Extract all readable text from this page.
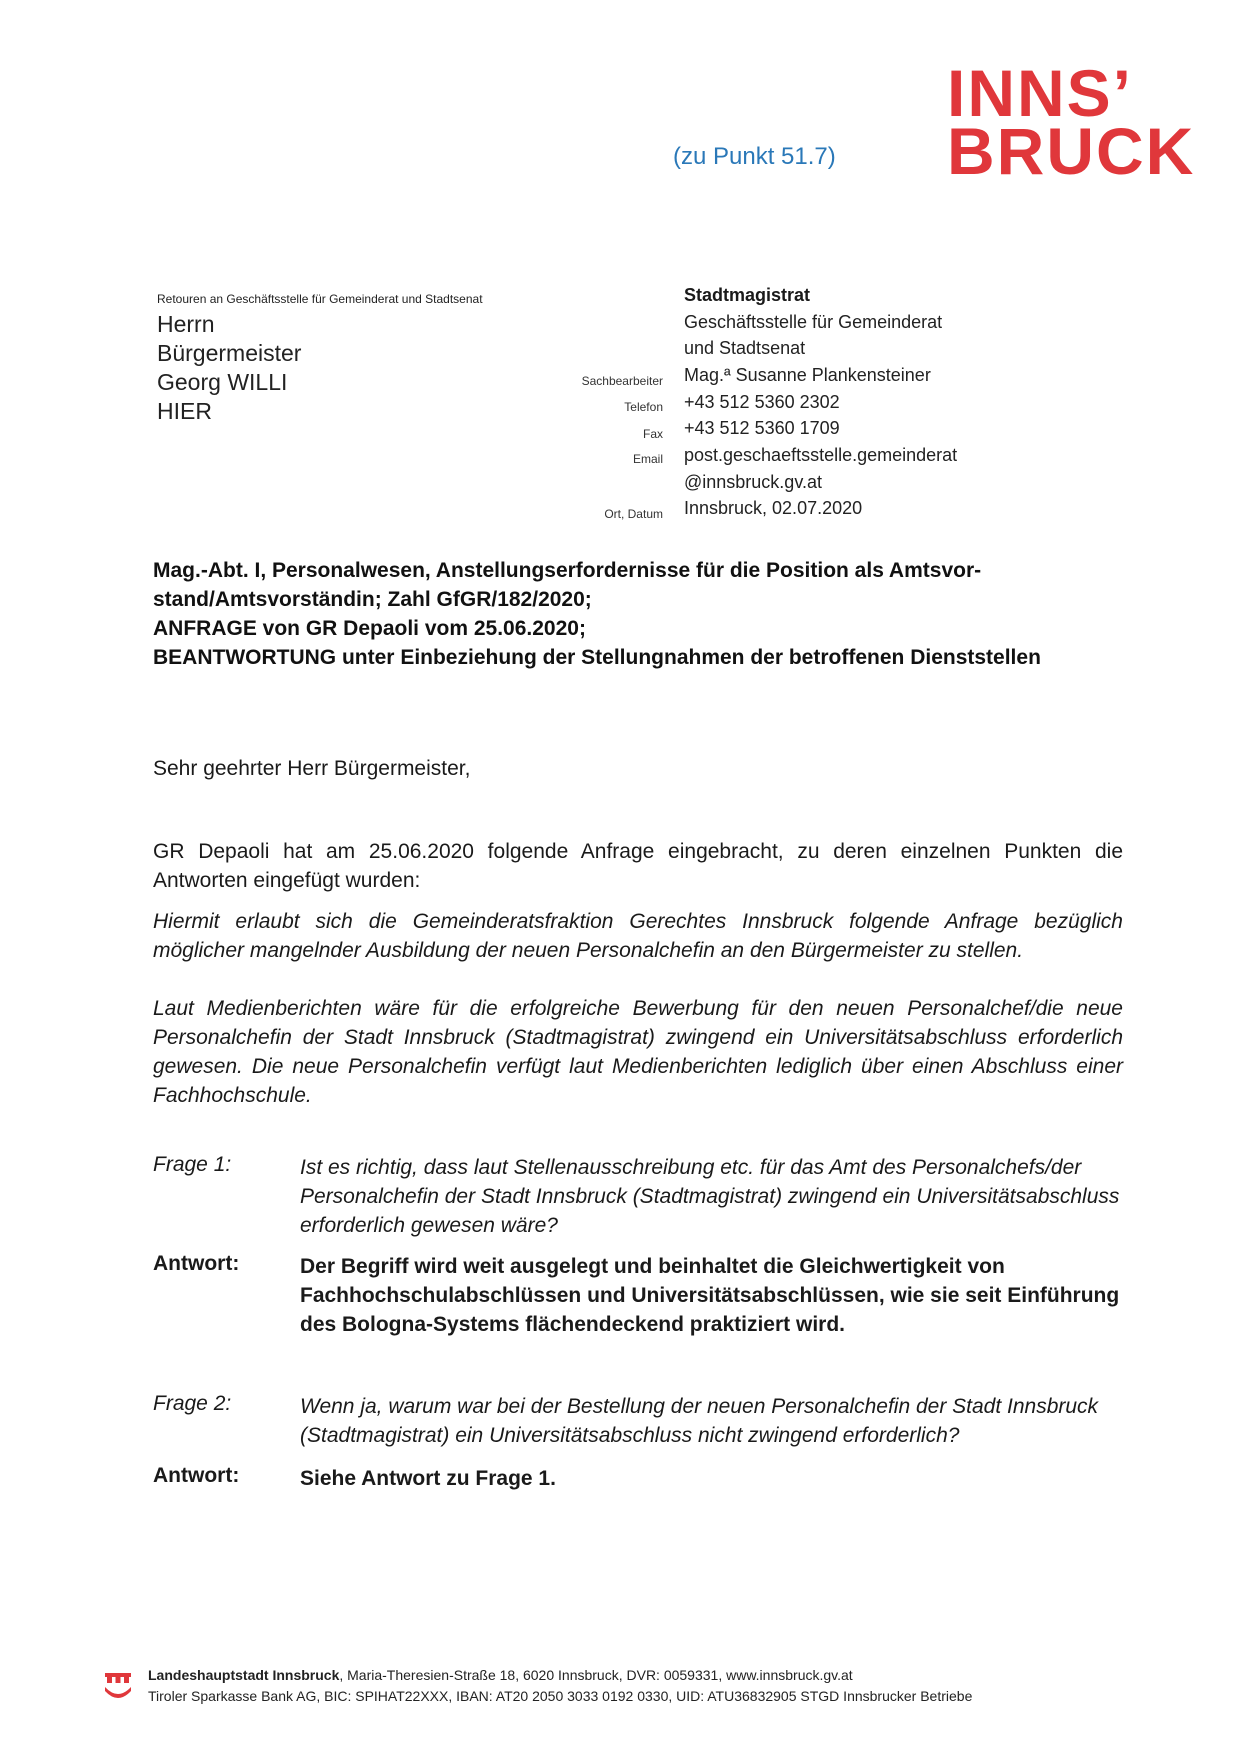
(zu Punkt 51.7)
INNS’
BRUCK
Retouren an Geschäftsstelle für Gemeinderat und Stadtsenat
Herrn
Bürgermeister
Georg WILLI
HIER
Stadtmagistrat
Geschäftsstelle für Gemeinderat
und Stadtsenat
Sachbearbeiter Mag.ª Susanne Plankensteiner
Telefon +43 512 5360 2302
Fax +43 512 5360 1709
Email post.geschaeftsstelle.gemeinderat
@innsbruck.gv.at
Ort, Datum Innsbruck, 02.07.2020
Mag.-Abt. I, Personalwesen, Anstellungserfordernisse für die Position als Amtsvor-
stand/Amtsvorständin; Zahl GfGR/182/2020;
ANFRAGE von GR Depaoli vom 25.06.2020;
BEANTWORTUNG unter Einbeziehung der Stellungnahmen der betroffenen Dienststellen
Sehr geehrter Herr Bürgermeister,
GR Depaoli hat am 25.06.2020 folgende Anfrage eingebracht, zu deren einzelnen Punkten die Antworten eingefügt wurden:
Hiermit erlaubt sich die Gemeinderatsfraktion Gerechtes Innsbruck folgende Anfrage bezüglich möglicher mangelnder Ausbildung der neuen Personalchefin an den Bürgermeister zu stellen.
Laut Medienberichten wäre für die erfolgreiche Bewerbung für den neuen Personalchef/die neue Personalchefin der Stadt Innsbruck (Stadtmagistrat) zwingend ein Universitätsabschluss erforderlich gewesen. Die neue Personalchefin verfügt laut Medienberichten lediglich über einen Abschluss einer Fachhochschule.
Frage 1:	Ist es richtig, dass laut Stellenausschreibung etc. für das Amt des Personalchefs/der Personalchefin der Stadt Innsbruck (Stadtmagistrat) zwingend ein Universitätsabschluss erforderlich gewesen wäre?
Antwort:	Der Begriff wird weit ausgelegt und beinhaltet die Gleichwertigkeit von Fachhochschulabschlüssen und Universitätsabschlüssen, wie sie seit Einführung des Bologna-Systems flächendeckend praktiziert wird.
Frage 2:	Wenn ja, warum war bei der Bestellung der neuen Personalchefin der Stadt Innsbruck (Stadtmagistrat) ein Universitätsabschluss nicht zwingend erforderlich?
Antwort:	Siehe Antwort zu Frage 1.
Landeshauptstadt Innsbruck, Maria-Theresien-Straße 18, 6020 Innsbruck, DVR: 0059331, www.innsbruck.gv.at
Tiroler Sparkasse Bank AG, BIC: SPIHAT22XXX, IBAN: AT20 2050 3033 0192 0330, UID: ATU36832905 STGD Innsbrucker Betriebe
